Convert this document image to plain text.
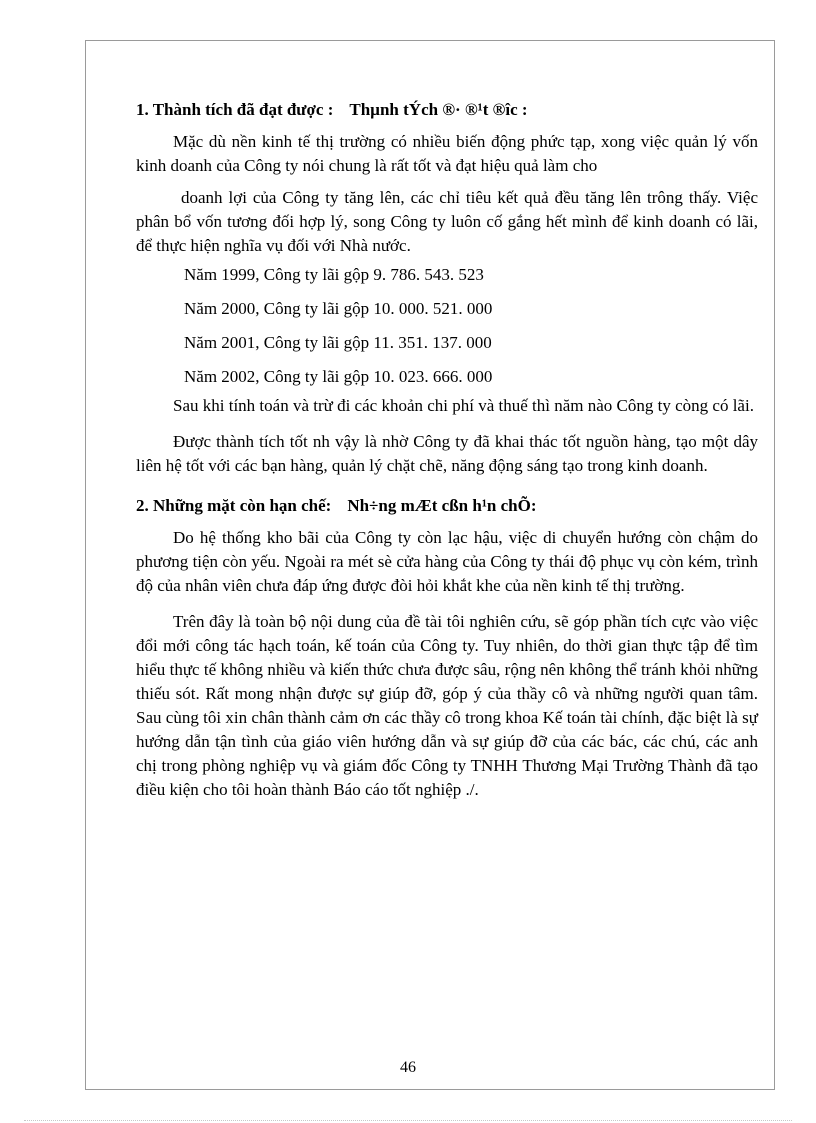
1. Thành tích đã đạt được : Thµnh tÝch ®· ®¹t ®îc :

Mặc dù nền kinh tế thị trường có nhiều biến động phức tạp, xong việc quản lý vốn kinh doanh của Công ty nói chung là rất tốt và đạt hiệu quả làm cho

doanh lợi của Công ty tăng lên, các chỉ tiêu kết quả đều tăng lên trông thấy. Việc phân bổ vốn tương đối hợp lý, song Công ty luôn cố gắng hết mình để kinh doanh có lãi, để thực hiện nghĩa vụ đối với Nhà nước.

Năm 1999, Công ty lãi gộp 9. 786. 543. 523
Năm 2000, Công ty lãi gộp 10. 000. 521. 000
Năm 2001, Công ty lãi gộp 11. 351. 137. 000
Năm 2002, Công ty lãi gộp 10. 023. 666. 000

Sau khi tính toán và trừ đi các khoản chi phí và thuế thì năm nào Công ty còng có lãi.

Được thành tích tốt nh vậy là nhờ Công ty đã khai thác tốt nguồn hàng, tạo một dây liên hệ tốt với các bạn hàng, quản lý chặt chẽ, năng động sáng tạo trong kinh doanh.

2. Những mặt còn hạn chế: Nh÷ng mÆt cßn h¹n chÕ:

Do hệ thống kho bãi của Công ty còn lạc hậu, việc di chuyển hướng còn chậm do phương tiện còn yếu. Ngoài ra mét sè cửa hàng của Công ty thái độ phục vụ còn kém, trình độ của nhân viên chưa đáp ứng được đòi hỏi khắt khe của nền kinh tế thị trường.

Trên đây là toàn bộ nội dung của đề tài tôi nghiên cứu, sẽ góp phần tích cực vào việc đổi mới công tác hạch toán, kế toán của Công ty. Tuy nhiên, do thời gian thực tập để tìm hiểu thực tế không nhiều và kiến thức chưa được sâu, rộng nên không thể tránh khỏi những thiếu sót. Rất mong nhận được sự giúp đỡ, góp ý của thầy cô và những người quan tâm. Sau cùng tôi xin chân thành cảm ơn các thầy cô trong khoa Kế toán tài chính, đặc biệt là sự hướng dẫn tận tình của giáo viên hướng dẫn và sự giúp đỡ của các bác, các chú, các anh chị trong phòng nghiệp vụ và giám đốc Công ty TNHH Thương Mại Trường Thành đã tạo điều kiện cho tôi hoàn thành Báo cáo tốt nghiệp ./.

46
